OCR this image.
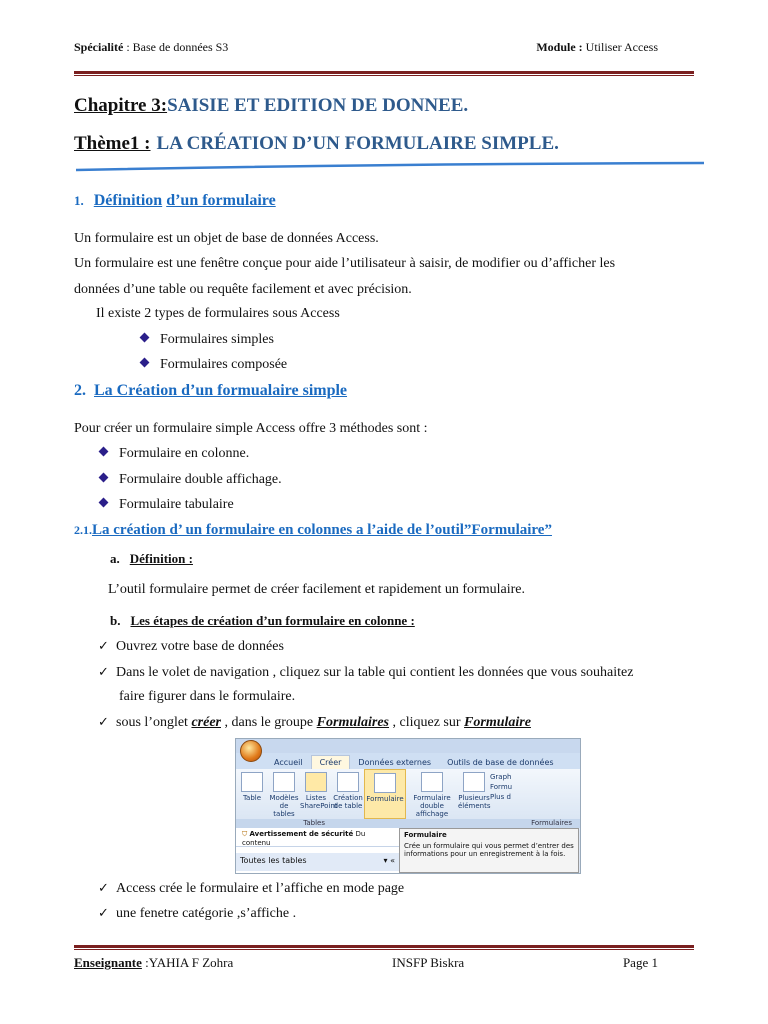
Spécialité : Base de données S3	Module : Utiliser Access
Chapitre 3:SAISIE ET EDITION DE DONNEE.
Thème1 : LA CRÉATION D’UN FORMULAIRE SIMPLE.
1. Définition d’un formulaire
Un formulaire est un objet de base de données Access.
Un formulaire est une fenêtre conçue pour aide l’utilisateur à saisir, de modifier ou d’afficher les
données d’une table ou requête facilement et avec précision.
Il existe 2 types de formulaires sous Access
Formulaires simples
Formulaires composée
2. La Création d’un formualaire simple
Pour créer un formulaire simple Access offre 3 méthodes sont :
Formulaire en colonne.
Formulaire double affichage.
Formulaire tabulaire
2.1.La création d’ un formulaire en colonnes a l’aide de l’outil”Formulaire”
a. Définition :
L’outil formulaire permet de créer facilement et rapidement un formulaire.
b. Les étapes de création d’un formulaire en colonne :
✓ Ouvrez votre base de données
✓ Dans le volet de navigation , cliquez sur la table qui contient les données que vous souhaitez
faire figurer dans le formulaire.
✓ sous l’onglet créer , dans le groupe Formulaires , cliquez sur Formulaire
Accueil	Créer	Données externes	Outils de base de données
Table	Modèles de tables
Listes SharePoint
Création de table
Formulaire	Formulaire double affichage
Plusieurs éléments
Graph
Formu
Plus d
Tables	Formulaires
⛉ Avertissement de sécurité Du contenu
Toutes les tables	▾ «
Formulaire
Crée un formulaire qui vous permet d’entrer des informations pour un enregistrement à la fois.
✓ Access crée le formulaire et l’affiche en mode page
✓ une fenetre catégorie ,s’affiche .
Enseignante :YAHIA F Zohra	INSFP Biskra	Page 1
